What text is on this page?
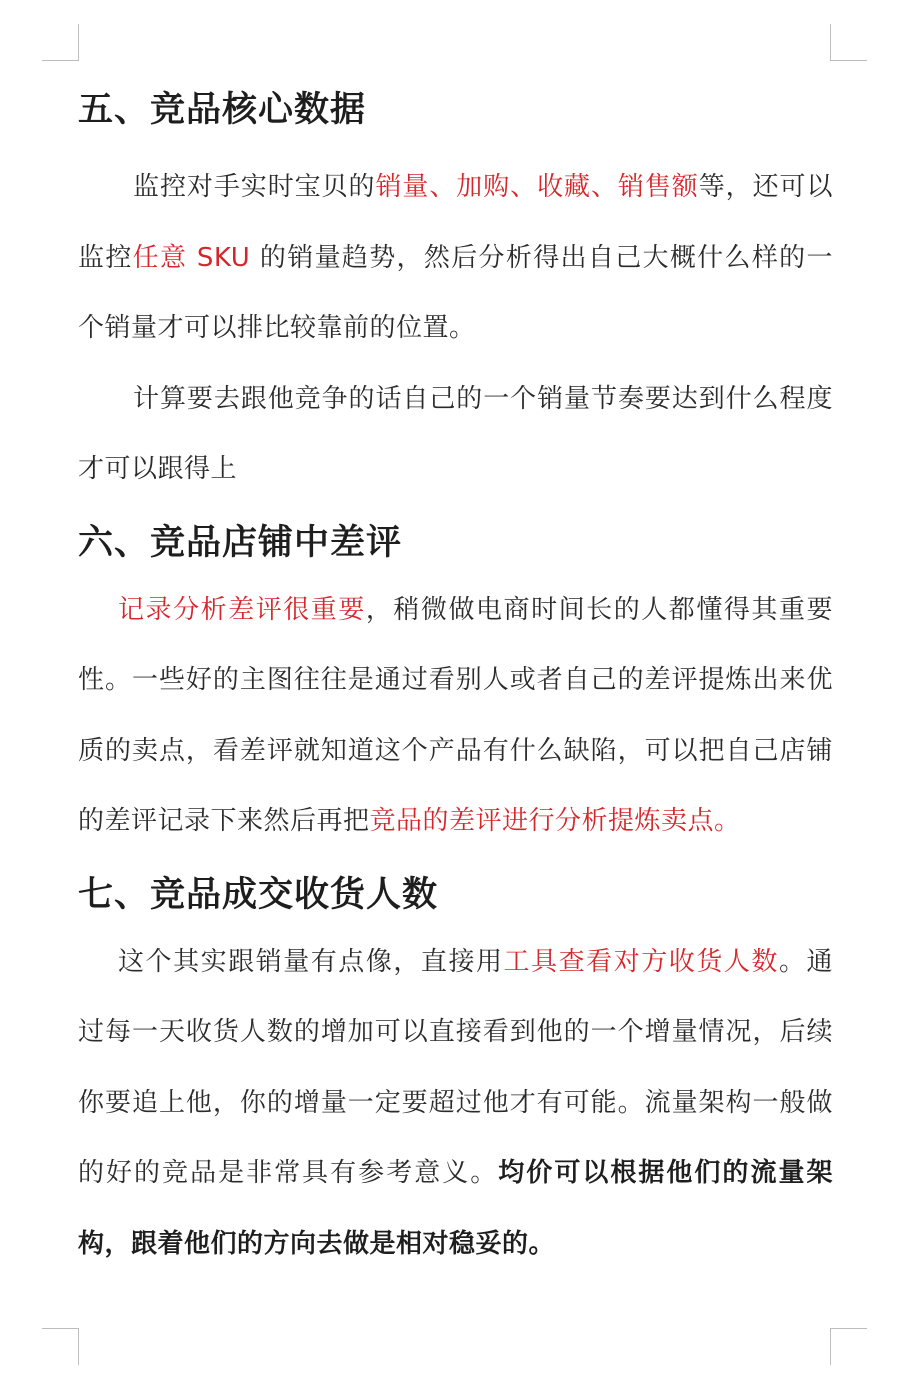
五、竞品核心数据

监控对手实时宝贝的销量、加购、收藏、销售额等，还可以监控任意 SKU 的销量趋势，然后分析得出自己大概什么样的一个销量才可以排比较靠前的位置。

计算要去跟他竞争的话自己的一个销量节奏要达到什么程度才可以跟得上

六、竞品店铺中差评

记录分析差评很重要，稍微做电商时间长的人都懂得其重要性。一些好的主图往往是通过看别人或者自己的差评提炼出来优质的卖点，看差评就知道这个产品有什么缺陷，可以把自己店铺的差评记录下来然后再把竞品的差评进行分析提炼卖点。

七、竞品成交收货人数

这个其实跟销量有点像，直接用工具查看对方收货人数。通过每一天收货人数的增加可以直接看到他的一个增量情况，后续你要追上他，你的增量一定要超过他才有可能。流量架构一般做的好的竞品是非常具有参考意义。均价可以根据他们的流量架构，跟着他们的方向去做是相对稳妥的。
